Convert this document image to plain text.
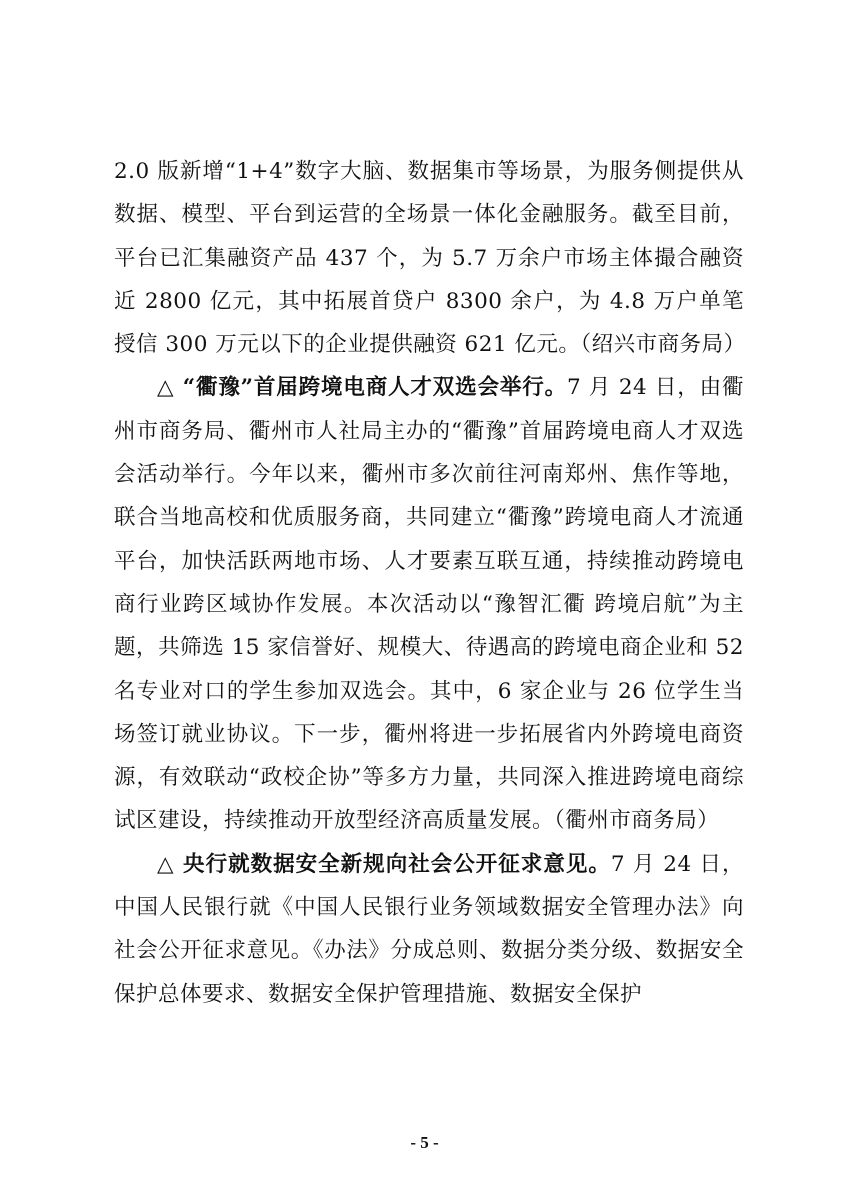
2.0 版新增“1+4”数字大脑、数据集市等场景，为服务侧提供从数据、模型、平台到运营的全场景一体化金融服务。截至目前，平台已汇集融资产品 437 个，为 5.7 万余户市场主体撮合融资近 2800 亿元，其中拓展首贷户 8300 余户，为 4.8 万户单笔授信 300 万元以下的企业提供融资 621 亿元。（绍兴市商务局）

△ “衢豫”首届跨境电商人才双选会举行。7 月 24 日，由衢州市商务局、衢州市人社局主办的“衢豫”首届跨境电商人才双选会活动举行。今年以来，衢州市多次前往河南郑州、焦作等地，联合当地高校和优质服务商，共同建立“衢豫”跨境电商人才流通平台，加快活跃两地市场、人才要素互联互通，持续推动跨境电商行业跨区域协作发展。本次活动以“豫智汇衢 跨境启航”为主题，共筛选 15 家信誉好、规模大、待遇高的跨境电商企业和 52 名专业对口的学生参加双选会。其中，6 家企业与 26 位学生当场签订就业协议。下一步，衢州将进一步拓展省内外跨境电商资源，有效联动“政校企协”等多方力量，共同深入推进跨境电商综试区建设，持续推动开放型经济高质量发展。（衢州市商务局）

△ 央行就数据安全新规向社会公开征求意见。7 月 24 日，中国人民银行就《中国人民银行业务领域数据安全管理办法》向社会公开征求意见。《办法》分成总则、数据分类分级、数据安全保护总体要求、数据安全保护管理措施、数据安全保护

- 5 -
